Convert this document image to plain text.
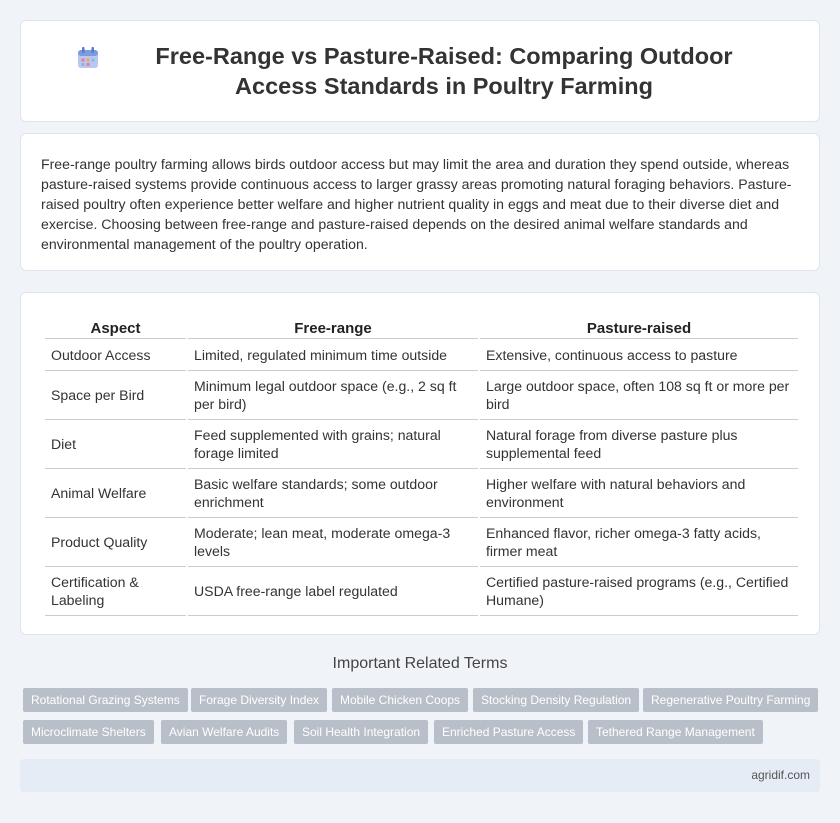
Free-Range vs Pasture-Raised: Comparing Outdoor Access Standards in Poultry Farming

Free-range poultry farming allows birds outdoor access but may limit the area and duration they spend outside, whereas pasture-raised systems provide continuous access to larger grassy areas promoting natural foraging behaviors. Pasture-raised poultry often experience better welfare and higher nutrient quality in eggs and meat due to their diverse diet and exercise. Choosing between free-range and pasture-raised depends on the desired animal welfare standards and environmental management of the poultry operation.

Aspect	Free-range	Pasture-raised
Outdoor Access	Limited, regulated minimum time outside	Extensive, continuous access to pasture
Space per Bird	Minimum legal outdoor space (e.g., 2 sq ft per bird)	Large outdoor space, often 108 sq ft or more per bird
Diet	Feed supplemented with grains; natural forage limited	Natural forage from diverse pasture plus supplemental feed
Animal Welfare	Basic welfare standards; some outdoor enrichment	Higher welfare with natural behaviors and environment
Product Quality	Moderate; lean meat, moderate omega-3 levels	Enhanced flavor, richer omega-3 fatty acids, firmer meat
Certification & Labeling	USDA free-range label regulated	Certified pasture-raised programs (e.g., Certified Humane)
Important Related Terms
Rotational Grazing Systems	Forage Diversity Index	Mobile Chicken Coops	Stocking Density Regulation	Regenerative Poultry Farming
Microclimate Shelters	Avian Welfare Audits	Soil Health Integration	Enriched Pasture Access	Tethered Range Management
agridif.com
